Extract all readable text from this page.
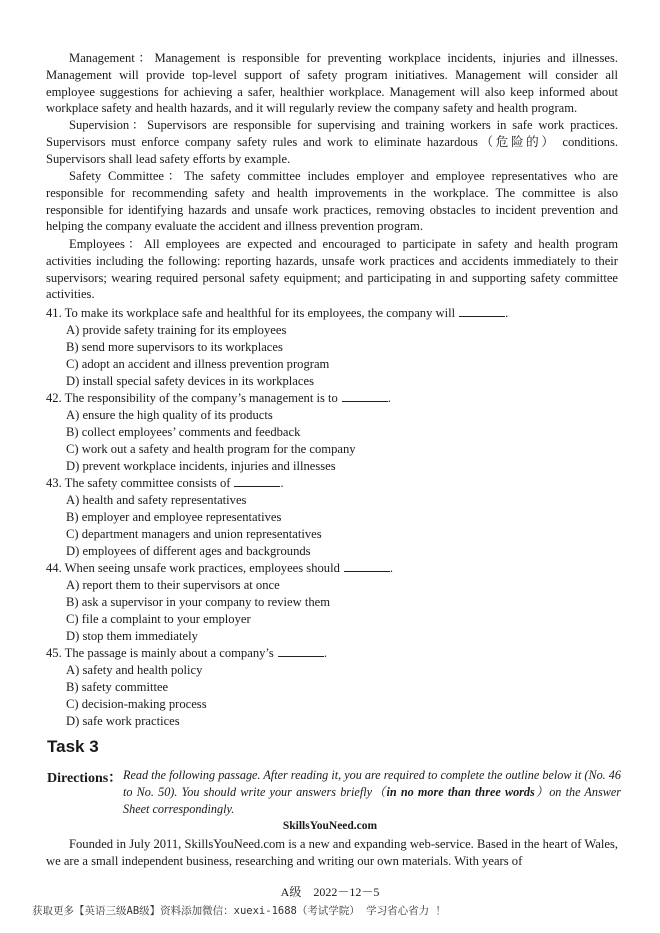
Management：Management is responsible for preventing workplace incidents, injuries and illnesses. Management will provide top-level support of safety program initiatives. Management will consider all employee suggestions for achieving a safer, healthier workplace. Management will also keep informed about workplace safety and health hazards, and it will regularly review the company safety and health program.

Supervision：Supervisors are responsible for supervising and training workers in safe work practices. Supervisors must enforce company safety rules and work to eliminate hazardous（危险的） conditions. Supervisors shall lead safety efforts by example.

Safety Committee：The safety committee includes employer and employee representatives who are responsible for recommending safety and health improvements in the workplace. The committee is also responsible for identifying hazards and unsafe work practices, removing obstacles to incident prevention and helping the company evaluate the accident and illness prevention program.

Employees：All employees are expected and encouraged to participate in safety and health program activities including the following: reporting hazards, unsafe work practices and accidents immediately to their supervisors; wearing required personal safety equipment; and participating in and supporting safety committee activities.

41. To make its workplace safe and healthful for its employees, the company will	.

A) provide safety training for its employees

B) send more supervisors to its workplaces

C) adopt an accident and illness prevention program

D) install special safety devices in its workplaces

42. The responsibility of the company’s management is to	.

A) ensure the high quality of its products

B) collect employees’ comments and feedback

C) work out a safety and health program for the company

D) prevent workplace incidents, injuries and illnesses

43. The safety committee consists of	.

A) health and safety representatives

B) employer and employee representatives

C) department managers and union representatives

D) employees of different ages and backgrounds

44. When seeing unsafe work practices, employees should	.

A) report them to their supervisors at once

B) ask a supervisor in your company to review them

C) file a complaint to your employer

D) stop them immediately

45. The passage is mainly about a company’s	.

A) safety and health policy

B) safety committee

C) decision-making process

D) safe work practices

Task 3

Directions： Read the following passage. After reading it, you are required to complete the outline below it (No. 46 to No. 50). You should write your answers briefly（in no more than three words）on the Answer Sheet correspondingly.

SkillsYouNeed.com

Founded in July 2011, SkillsYouNeed.com is a new and expanding web-service. Based in the heart of Wales, we are a small independent business, researching and writing our own materials. With years of

A级　2022－12－5

获取更多【英语三级AB级】资料添加微信：xuexi-1688（考试学院） 学习省心省力 ！
